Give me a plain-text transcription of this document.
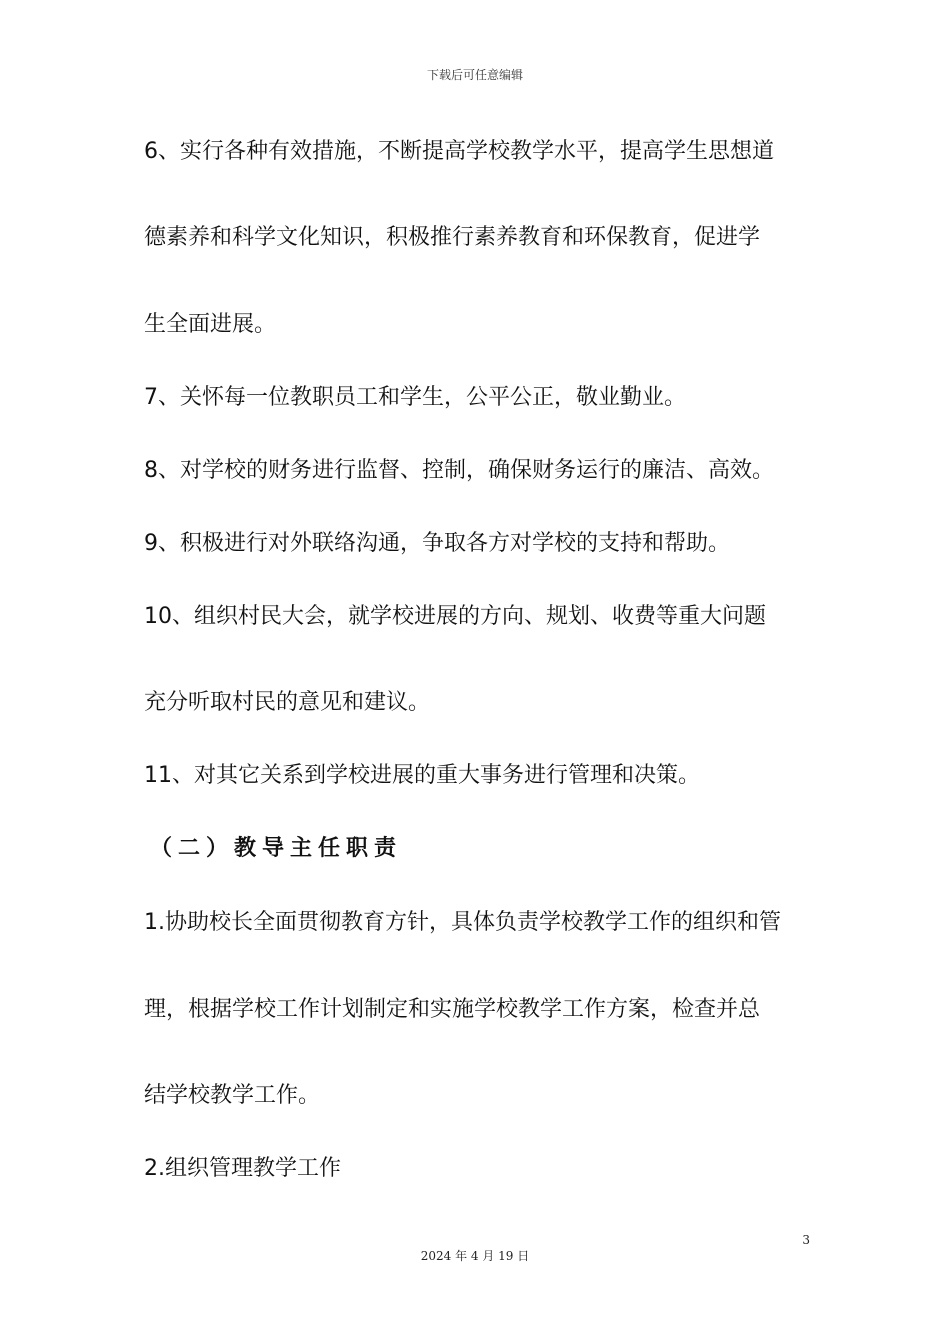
下载后可任意编辑
6、实行各种有效措施，不断提高学校教学水平，提高学生思想道
德素养和科学文化知识，积极推行素养教育和环保教育，促进学
生全面进展。
7、关怀每一位教职员工和学生，公平公正，敬业勤业。
8、对学校的财务进行监督、控制，确保财务运行的廉洁、高效。
9、积极进行对外联络沟通，争取各方对学校的支持和帮助。
10、组织村民大会，就学校进展的方向、规划、收费等重大问题
充分听取村民的意见和建议。
11、对其它关系到学校进展的重大事务进行管理和决策。
（二）教导主任职责
1.协助校长全面贯彻教育方针，具体负责学校教学工作的组织和管
理，根据学校工作计划制定和实施学校教学工作方案，检查并总
结学校教学工作。
2.组织管理教学工作
3
2024 年 4 月 19 日
